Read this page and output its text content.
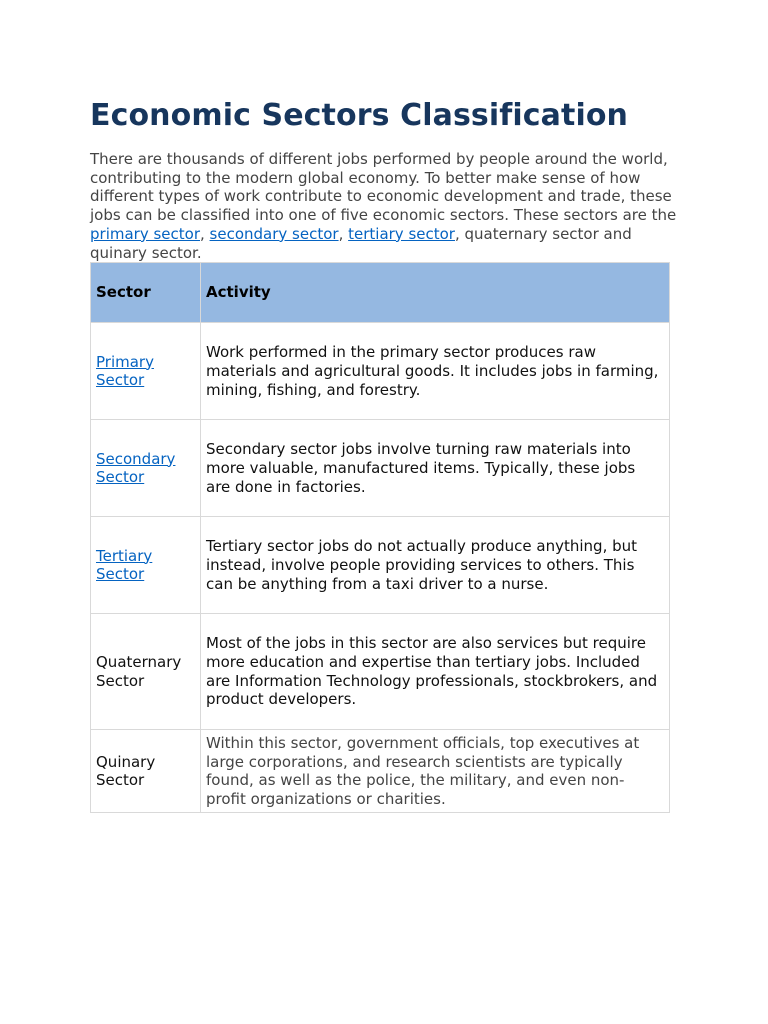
Economic Sectors Classification

There are thousands of different jobs performed by people around the world, contributing to the modern global economy. To better make sense of how different types of work contribute to economic development and trade, these jobs can be classified into one of five economic sectors. These sectors are the primary sector, secondary sector, tertiary sector, quaternary sector and quinary sector.

Sector	Activity
Primary Sector	Work performed in the primary sector produces raw materials and agricultural goods. It includes jobs in farming, mining, fishing, and forestry.
Secondary Sector	Secondary sector jobs involve turning raw materials into more valuable, manufactured items. Typically, these jobs are done in factories.
Tertiary Sector	Tertiary sector jobs do not actually produce anything, but instead, involve people providing services to others. This can be anything from a taxi driver to a nurse.
Quaternary Sector	Most of the jobs in this sector are also services but require more education and expertise than tertiary jobs. Included are Information Technology professionals, stockbrokers, and product developers.
Quinary Sector	Within this sector, government officials, top executives at large corporations, and research scientists are typically found, as well as the police, the military, and even non-profit organizations or charities.
